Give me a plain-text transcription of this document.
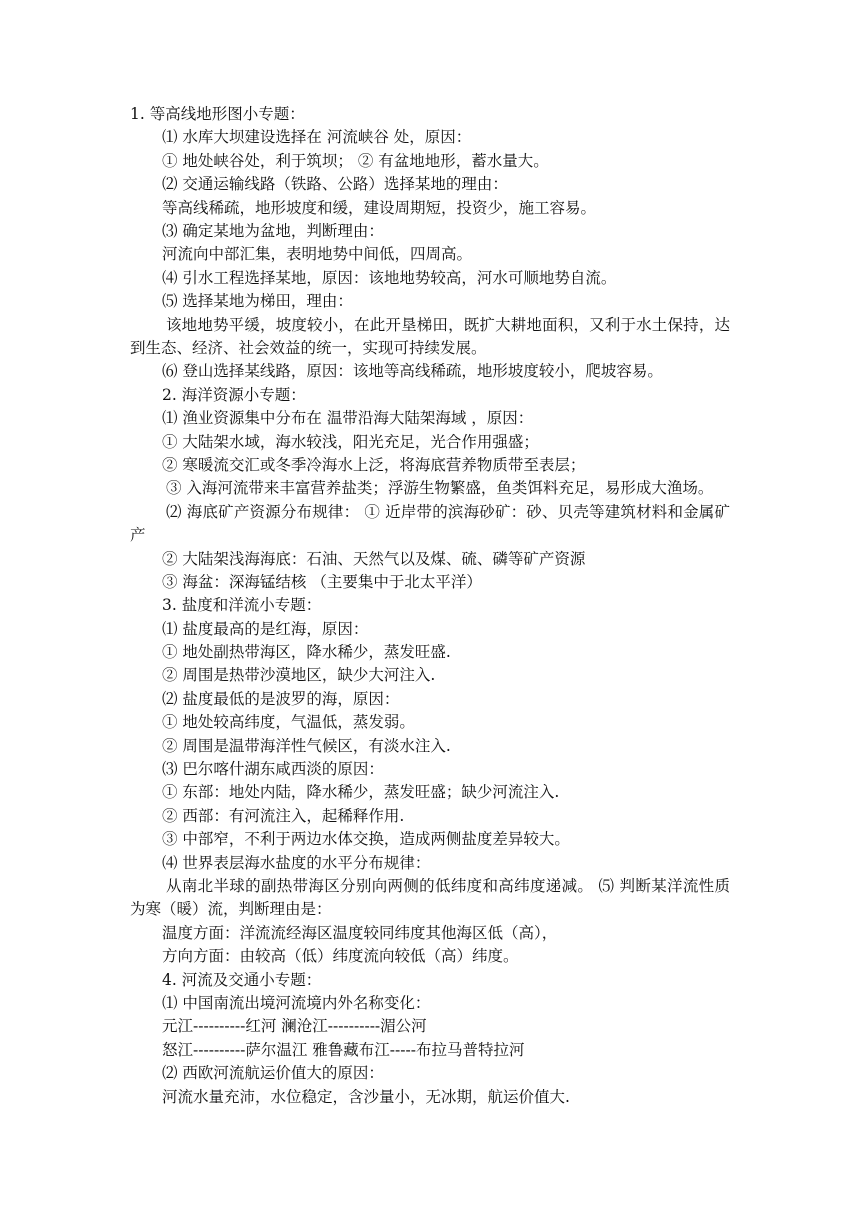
1. 等高线地形图小专题：
⑴ 水库大坝建设选择在 河流峡谷 处，原因：
① 地处峡谷处，利于筑坝； ② 有盆地地形，蓄水量大。
⑵ 交通运输线路（铁路、公路）选择某地的理由：
等高线稀疏，地形坡度和缓，建设周期短，投资少，施工容易。
⑶ 确定某地为盆地，判断理由：
河流向中部汇集，表明地势中间低，四周高。
⑷ 引水工程选择某地，原因：该地地势较高，河水可顺地势自流。
⑸ 选择某地为梯田，理由：
该地地势平缓，坡度较小，在此开垦梯田，既扩大耕地面积，又利于水土保持，达到生态、经济、社会效益的统一，实现可持续发展。
⑹ 登山选择某线路，原因：该地等高线稀疏，地形坡度较小，爬坡容易。
2. 海洋资源小专题：
⑴ 渔业资源集中分布在 温带沿海大陆架海域 ，原因：
① 大陆架水域，海水较浅，阳光充足，光合作用强盛；
② 寒暖流交汇或冬季冷海水上泛，将海底营养物质带至表层；
③ 入海河流带来丰富营养盐类；浮游生物繁盛，鱼类饵料充足，易形成大渔场。
⑵ 海底矿产资源分布规律： ① 近岸带的滨海砂矿：砂、贝壳等建筑材料和金属矿产
② 大陆架浅海海底：石油、天然气以及煤、硫、磷等矿产资源
③ 海盆：深海锰结核 （主要集中于北太平洋）
3. 盐度和洋流小专题：
⑴ 盐度最高的是红海，原因：
① 地处副热带海区，降水稀少，蒸发旺盛.
② 周围是热带沙漠地区，缺少大河注入.
⑵ 盐度最低的是波罗的海，原因：
① 地处较高纬度，气温低，蒸发弱。
② 周围是温带海洋性气候区，有淡水注入.
⑶ 巴尔喀什湖东咸西淡的原因：
① 东部：地处内陆，降水稀少，蒸发旺盛；缺少河流注入.
② 西部：有河流注入，起稀释作用.
③ 中部窄，不利于两边水体交换，造成两侧盐度差异较大。
⑷ 世界表层海水盐度的水平分布规律：
从南北半球的副热带海区分别向两侧的低纬度和高纬度递减。 ⑸ 判断某洋流性质为寒（暖）流，判断理由是：
温度方面：洋流流经海区温度较同纬度其他海区低（高），
方向方面：由较高（低）纬度流向较低（高）纬度。
4. 河流及交通小专题：
⑴ 中国南流出境河流境内外名称变化：
元江----------红河 澜沧江----------湄公河
怒江----------萨尔温江 雅鲁藏布江-----布拉马普特拉河
⑵ 西欧河流航运价值大的原因：
河流水量充沛，水位稳定，含沙量小，无冰期，航运价值大.
